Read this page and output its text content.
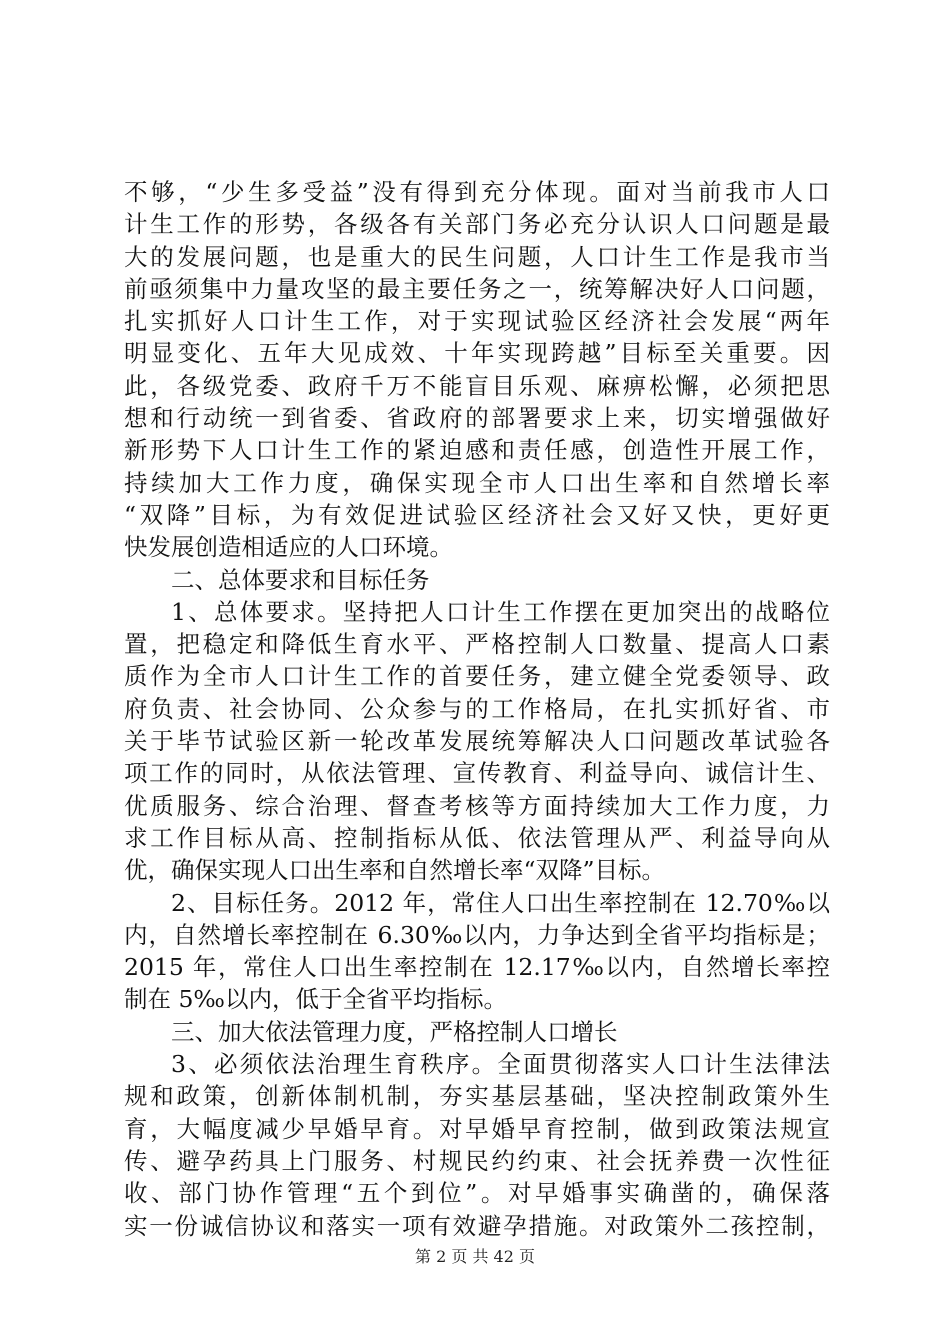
不够，“少生多受益”没有得到充分体现。面对当前我市人口
计生工作的形势，各级各有关部门务必充分认识人口问题是最
大的发展问题，也是重大的民生问题，人口计生工作是我市当
前亟须集中力量攻坚的最主要任务之一，统筹解决好人口问题，
扎实抓好人口计生工作，对于实现试验区经济社会发展“两年
明显变化、五年大见成效、十年实现跨越”目标至关重要。因
此，各级党委、政府千万不能盲目乐观、麻痹松懈，必须把思
想和行动统一到省委、省政府的部署要求上来，切实增强做好
新形势下人口计生工作的紧迫感和责任感，创造性开展工作，
持续加大工作力度，确保实现全市人口出生率和自然增长率
“双降”目标，为有效促进试验区经济社会又好又快，更好更
快发展创造相适应的人口环境。
二、总体要求和目标任务
1、总体要求。坚持把人口计生工作摆在更加突出的战略位
置，把稳定和降低生育水平、严格控制人口数量、提高人口素
质作为全市人口计生工作的首要任务，建立健全党委领导、政
府负责、社会协同、公众参与的工作格局，在扎实抓好省、市
关于毕节试验区新一轮改革发展统筹解决人口问题改革试验各
项工作的同时，从依法管理、宣传教育、利益导向、诚信计生、
优质服务、综合治理、督查考核等方面持续加大工作力度，力
求工作目标从高、控制指标从低、依法管理从严、利益导向从
优，确保实现人口出生率和自然增长率“双降”目标。
2、目标任务。2012 年，常住人口出生率控制在 12.70‰以
内，自然增长率控制在 6.30‰以内，力争达到全省平均指标是；
2015 年，常住人口出生率控制在 12.17‰以内，自然增长率控
制在 5‰以内，低于全省平均指标。
三、加大依法管理力度，严格控制人口增长
3、必须依法治理生育秩序。全面贯彻落实人口计生法律法
规和政策，创新体制机制，夯实基层基础，坚决控制政策外生
育，大幅度减少早婚早育。对早婚早育控制，做到政策法规宣
传、避孕药具上门服务、村规民约约束、社会抚养费一次性征
收、部门协作管理“五个到位”。对早婚事实确凿的，确保落
实一份诚信协议和落实一项有效避孕措施。对政策外二孩控制，
第 2 页 共 42 页
